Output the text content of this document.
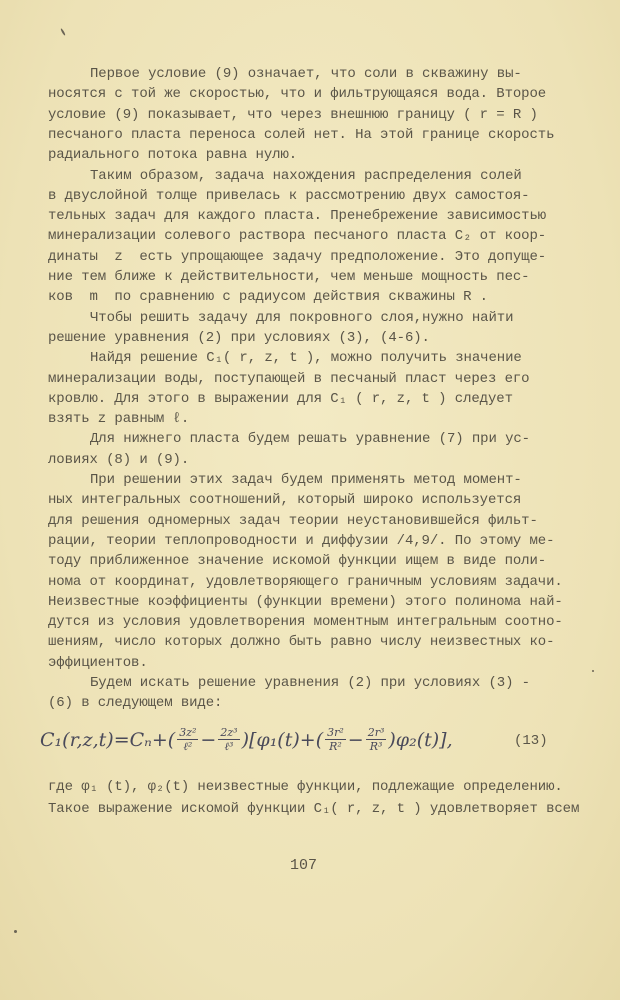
Первое условие (9) означает, что соли в скважину вы-
носятся с той же скоростью, что и фильтрующаяся вода. Второе
условие (9) показывает, что через внешнюю границу ( r = R )
песчаного пласта переноса солей нет. На этой границе скорость
радиального потока равна нулю.
Таким образом, задача нахождения распределения солей
в двуслойной толще привелась к рассмотрению двух самостоя-
тельных задач для каждого пласта. Пренебрежение зависимостью
минерализации солевого раствора песчаного пласта C₂ от коор-
динаты  z  есть упрощающее задачу предположение. Это допуще-
ние тем ближе к действительности, чем меньше мощность пес-
ков  m  по сравнению с радиусом действия скважины R .
Чтобы решить задачу для покровного слоя,нужно найти
решение уравнения (2) при условиях (3), (4-6).
Найдя решение C₁( r, z, t ), можно получить значение
минерализации воды, поступающей в песчаный пласт через его
кровлю. Для этого в выражении для C₁ ( r, z, t ) следует
взять z равным ℓ.
Для нижнего пласта будем решать уравнение (7) при ус-
ловиях (8) и (9).
При решении этих задач будем применять метод момент-
ных интегральных соотношений, который широко используется
для решения одномерных задач теории неустановившейся фильт-
рации, теории теплопроводности и диффузии /4,9/. По этому ме-
тоду приближенное значение искомой функции ищем в виде поли-
нома от координат, удовлетворяющего граничным условиям задачи.
Неизвестные коэффициенты (функции времени) этого полинома най-
дутся из условия удовлетворения моментным интегральным соотно-
шениям, число которых должно быть равно числу неизвестных ко-
эффициентов.
Будем искать решение уравнения (2) при условиях (3) -
(6) в следующем виде:
где φ₁ (t), φ₂(t) неизвестные функции, подлежащие определению.
Такое выражение искомой функции C₁( r, z, t ) удовлетворяет всем
$C_1(r,z,t)=C_n+( \frac{\text{3z²}}{\text{ℓ²}} - \frac{\text{2z³}}{\text{ℓ³}} )[\varphi_1(t)+( \frac{\text{3r²}}{\text{R²}} - \frac{\text{2r³}}{\text{R³}} )\varphi_2(t)]$,	(13)
107
